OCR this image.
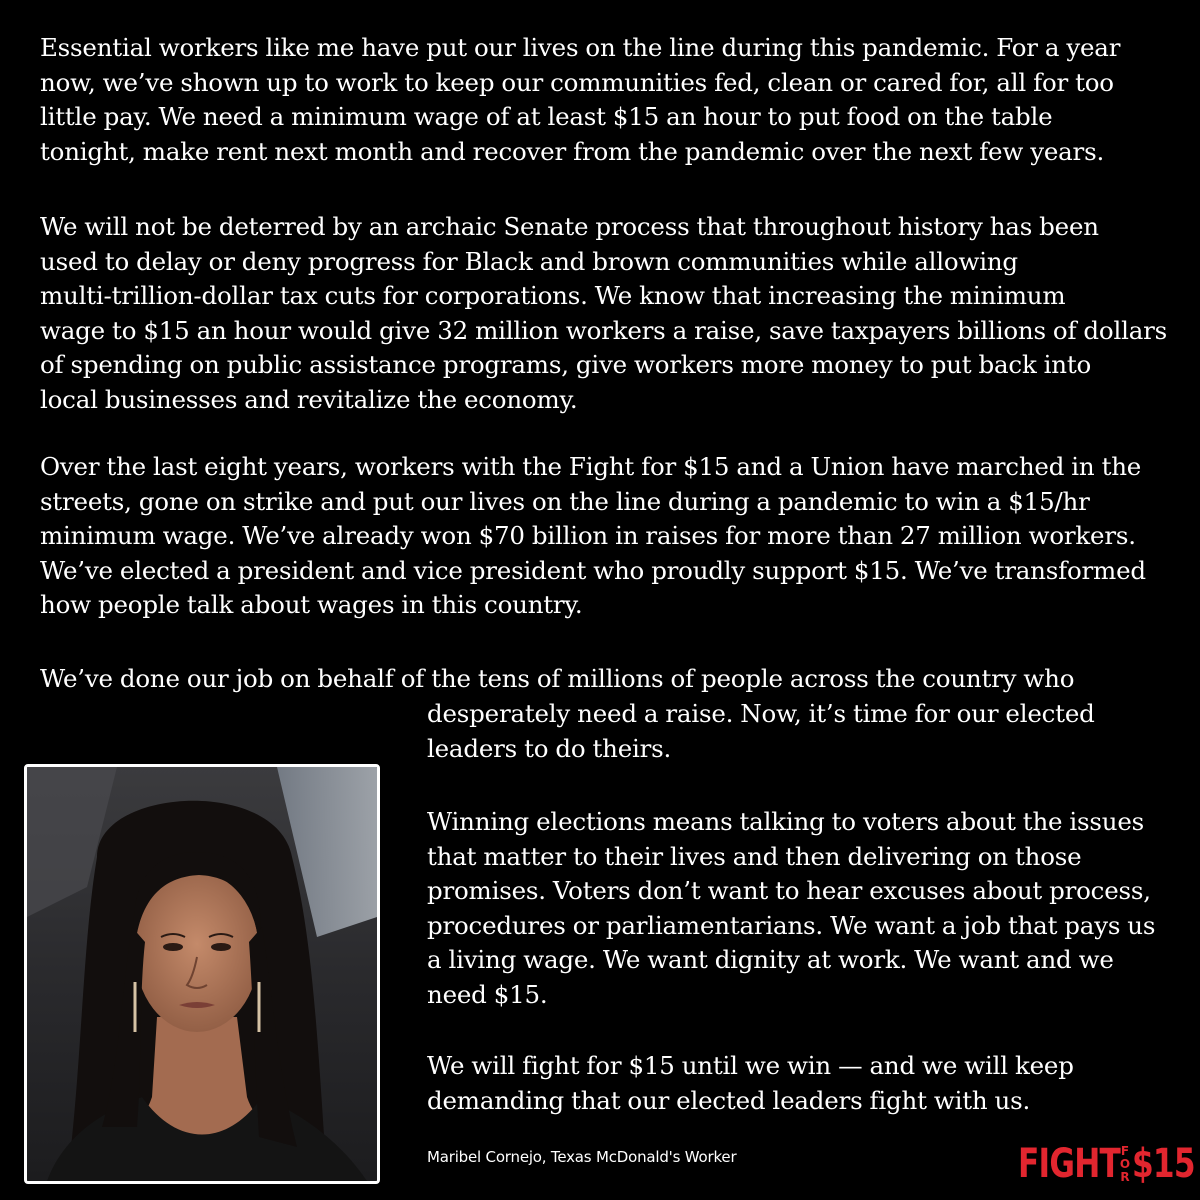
Essential workers like me have put our lives on the line during this pandemic. For a year
now, we’ve shown up to work to keep our communities fed, clean or cared for, all for too
little pay. We need a minimum wage of at least $15 an hour to put food on the table
tonight, make rent next month and recover from the pandemic over the next few years.

We will not be deterred by an archaic Senate process that throughout history has been
used to delay or deny progress for Black and brown communities while allowing
multi-trillion-dollar tax cuts for corporations. We know that increasing the minimum
wage to $15 an hour would give 32 million workers a raise, save taxpayers billions of dollars
of spending on public assistance programs, give workers more money to put back into
local businesses and revitalize the economy.

Over the last eight years, workers with the Fight for $15 and a Union have marched in the
streets, gone on strike and put our lives on the line during a pandemic to win a $15/hr
minimum wage. We’ve already won $70 billion in raises for more than 27 million workers.
We’ve elected a president and vice president who proudly support $15. We’ve transformed
how people talk about wages in this country.

We’ve done our job on behalf of the tens of millions of people across the country who

desperately need a raise. Now, it’s time for our elected
leaders to do theirs.

Winning elections means talking to voters about the issues
that matter to their lives and then delivering on those
promises. Voters don’t want to hear excuses about process,
procedures or parliamentarians. We want a job that pays us
a living wage. We want dignity at work. We want and we
need $15.

We will fight for $15 until we win — and we will keep
demanding that our elected leaders fight with us.

Maribel Cornejo, Texas McDonald's Worker	FIGHT FOR $15
